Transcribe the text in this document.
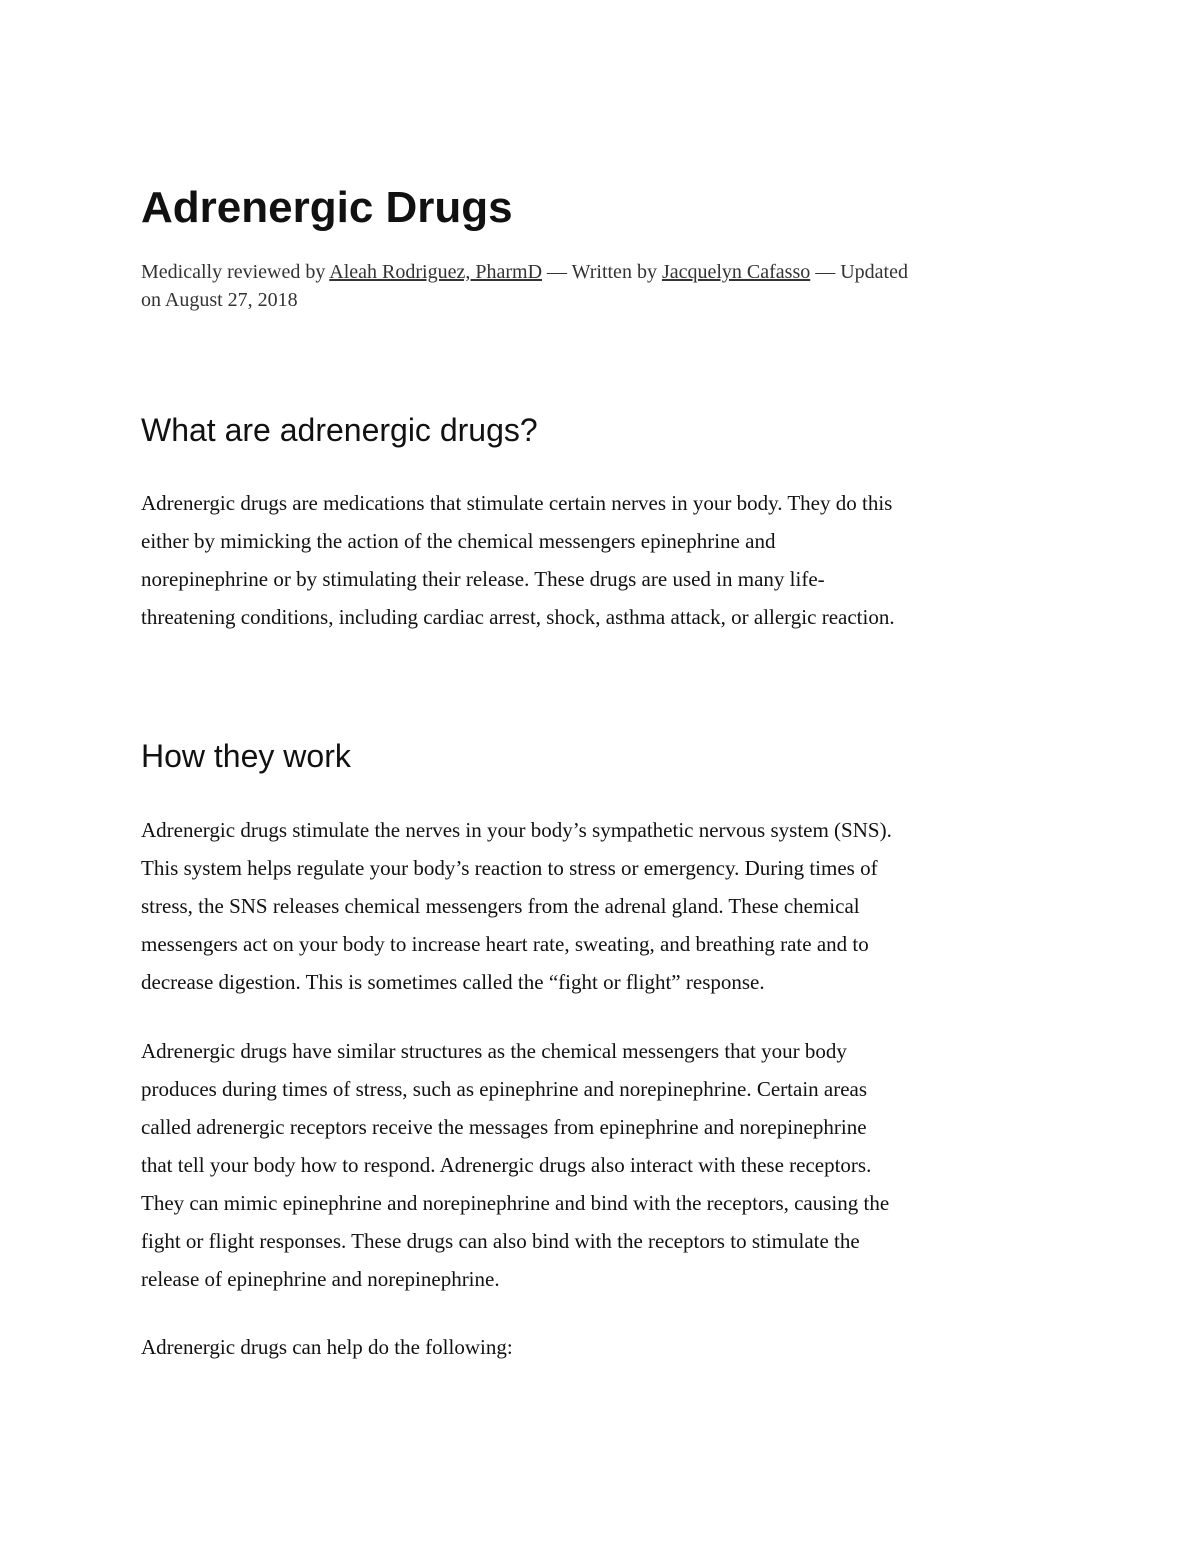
Adrenergic Drugs

Medically reviewed by Aleah Rodriguez, PharmD — Written by Jacquelyn Cafasso — Updated
on August 27, 2018

What are adrenergic drugs?

Adrenergic drugs are medications that stimulate certain nerves in your body. They do this
either by mimicking the action of the chemical messengers epinephrine and
norepinephrine or by stimulating their release. These drugs are used in many life-
threatening conditions, including cardiac arrest, shock, asthma attack, or allergic reaction.

How they work

Adrenergic drugs stimulate the nerves in your body’s sympathetic nervous system (SNS).
This system helps regulate your body’s reaction to stress or emergency. During times of
stress, the SNS releases chemical messengers from the adrenal gland. These chemical
messengers act on your body to increase heart rate, sweating, and breathing rate and to
decrease digestion. This is sometimes called the “fight or flight” response.

Adrenergic drugs have similar structures as the chemical messengers that your body
produces during times of stress, such as epinephrine and norepinephrine. Certain areas
called adrenergic receptors receive the messages from epinephrine and norepinephrine
that tell your body how to respond. Adrenergic drugs also interact with these receptors.
They can mimic epinephrine and norepinephrine and bind with the receptors, causing the
fight or flight responses. These drugs can also bind with the receptors to stimulate the
release of epinephrine and norepinephrine.

Adrenergic drugs can help do the following:
